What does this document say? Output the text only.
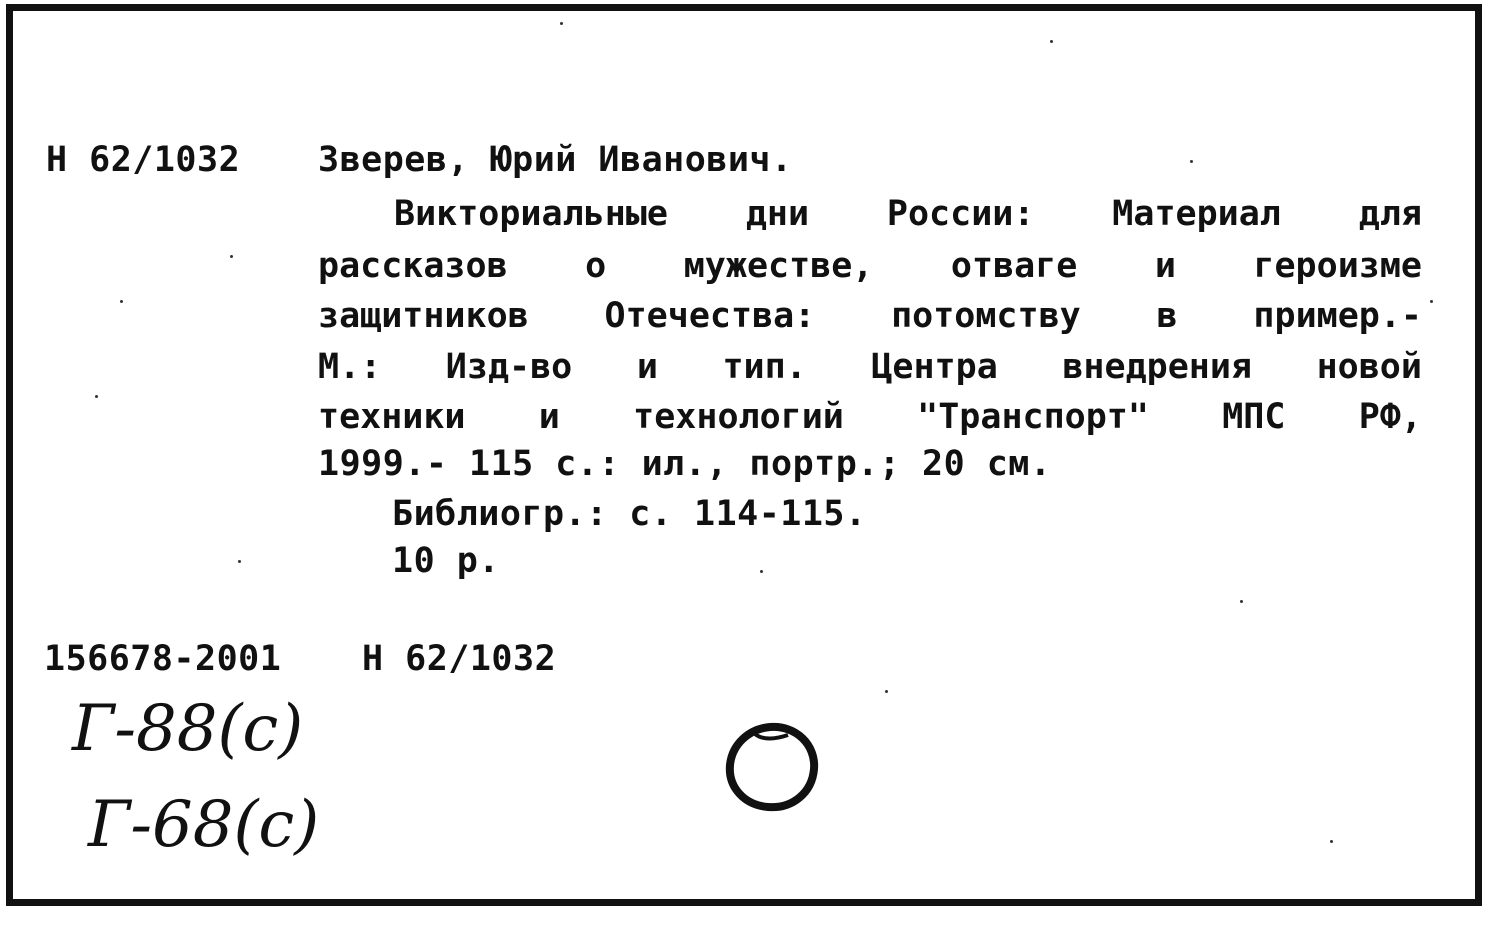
Н 62/1032 Зверев, Юрий Иванович.
Викториальные дни России: Материал для
рассказов о мужестве, отваге и героизме
защитников Отечества: потомству в пример.-
М.: Изд-во и тип. Центра внедрения новой
техники и технологий "Транспорт" МПС РФ,
1999.- 115 с.: ил., портр.; 20 см.
Библиогр.: с. 114-115.
10 р.
156678-2001 Н 62/1032
Г-88(с)
Г-68(с)
